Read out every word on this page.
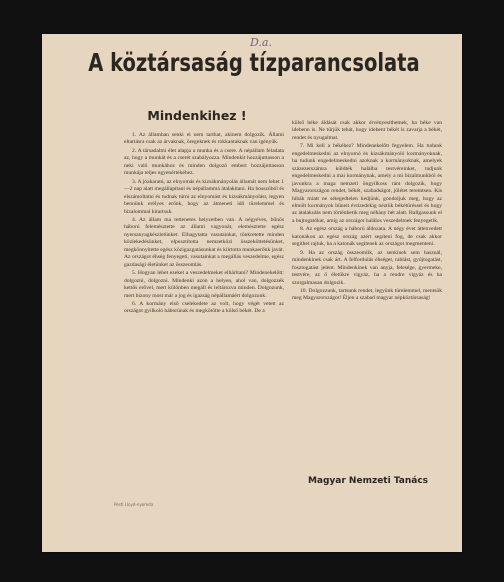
D.a.
A köztársaság tízparancsolata
Mindenkihez !

1. Az államban senki ei nem tarthat, akinem dolgozik. Állami eltartásra csak az árvaknak, öregeknek és rokkantaknak van igényük.

2. A társadalmi élet alapja a munka és a csere. A népállam feladata az, hogy a munkát és a cserét szabályozza. Mindenkit hozzájuttasson a neki való munkához és minden dolgozó embert hozzájuttasson munkája teljes egyenértékéhez.

3. A jóakaratú, az elnyomás és kizsákmányolás államát nem lehet 1—2 nap alatt megállapítani és népállammá átalakítani. Ha bosszúból és elszámoltatni és tudnak túrni az elnyomást és kizsákmányolást, legyen bennünk erélyes erőnk, hogy az átmeneti idő türelemmel és bizalommal kitartsuk.

4. Az állam ma rettenetes helyzetben van. A négyéves, bűnös háború felemésztette az állami vagyonát, elemésztette egész nyersanyagkészletünket. Elhagytatta vasutainkat, tönkretette minden közlekedésünket, elpusztította nemzetközi összeköttetésünket, megkönnyítette egész közigazgatásunkat és kiirtotta munkaerőnk javát. Az országot éhség fenyegeti, vasutainkat a megállás veszedelme, egész gazdasági életünket az összeomlás.

5. Hogyan lehet ezeket a veszedelmeket elhárítani? Mindenekelőtt: dolgozni, dolgozni. Mindenki azon a helyen, ahol van, dolgozzék kettős erővel, mert különben megáll és leltározva minden. Dolgozunk, mert bizony most már a jog és igazság népállamáért dolgozunk.

6. A kormány első cselekedete az volt, hogy végét vetett az országot gyilkoló háborúnak és megkötötte a külső békét. De a

külső béke áldását csak akkor érvényesíthetnek, ha béke van idebenn is. Ne tűrjük tehát, hogy idebent békét is zavarja a békét, rendet és nyugalmat.

7. Mi kell a békéhez? Mindenekelőtt fegyelem. Ha tudunk engedelmeskedni az elnyomó és kizsákmányoló kormányoknak, ha tudunk engedelmeskedni azoknak a kormányoknak, amelyek százezerszámra küldték halálba testvéreinket, tudjunk engedelmeskedni a mai kormánynak, amely a mi bizalmunkból és javunkra a maga nemzeti öngyilkoss ránt dolgozik, hogy Magyarországon rendet, békét, szabadságot, jólétet teremtsen. Kis hibák miatt ne sétegedtelen kedjünk, gondoljuk meg, hogy az elmúlt kormányok bűneit évtizedekig néztük békétűréssel és hogy az átalakulás nem történhetik meg néhány hét alatt. Hallgassunk el a bujtogatókat, amíg az országot halálos veszedelmek fenyegetik.

8. Az egész ország a háború áldozata. A négy évet áttenvedett katonákon az egész ország azért segíteni fog, de csak akkor segíthet rajtuk, ha a katonák segítenek az országot megmenteni.

9. Ha az ország összeomlik, az senkinek sem használ, mindenkinek csak árt. A felfordulás éhséget, rablást, gyújtogatást, fosztogatást jelent. Mindenkinek van anyja, felesége, gyermeke, testvére, az ő életükre vigyáz, ha a rendre vigyáz és ha szorgalmasan dolgozik.

10. Dolgozzunk, tartsunk rendet, legyünk türelemmel, mentsük meg Magyarországot! Éljen a szabad magyar népköztársaság!

Magyar Nemzeti Tanács
Pesti Lloyd-nyomda
